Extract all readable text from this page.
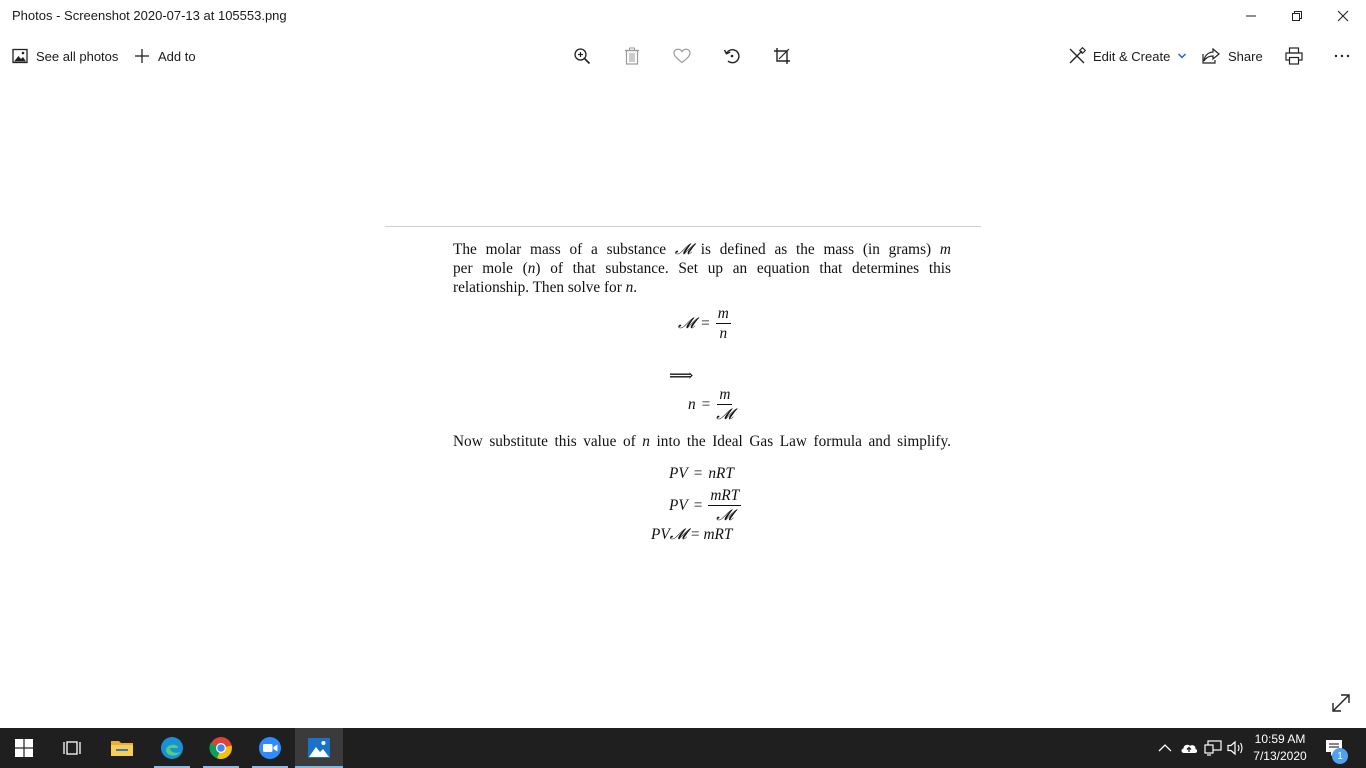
Photos - Screenshot 2020-07-13 at 105553.png
See all photos	Add to	Edit & Create	Share
The molar mass of a substance 𝓜 is defined as the mass (in grams) m
per mole (n) of that substance. Set up an equation that determines this
relationship. Then solve for n.
𝓜 = $\frac{m}{n}$
⟹
$n = \frac{m}{\text{𝓜}}$
Now substitute this value of n into the Ideal Gas Law formula and simplify.
PV = nRT
PV = $\frac{\text{mRT}}{\text{𝓜}}$
PV𝓜 = mRT
10:59 AM
7/13/2020	1
